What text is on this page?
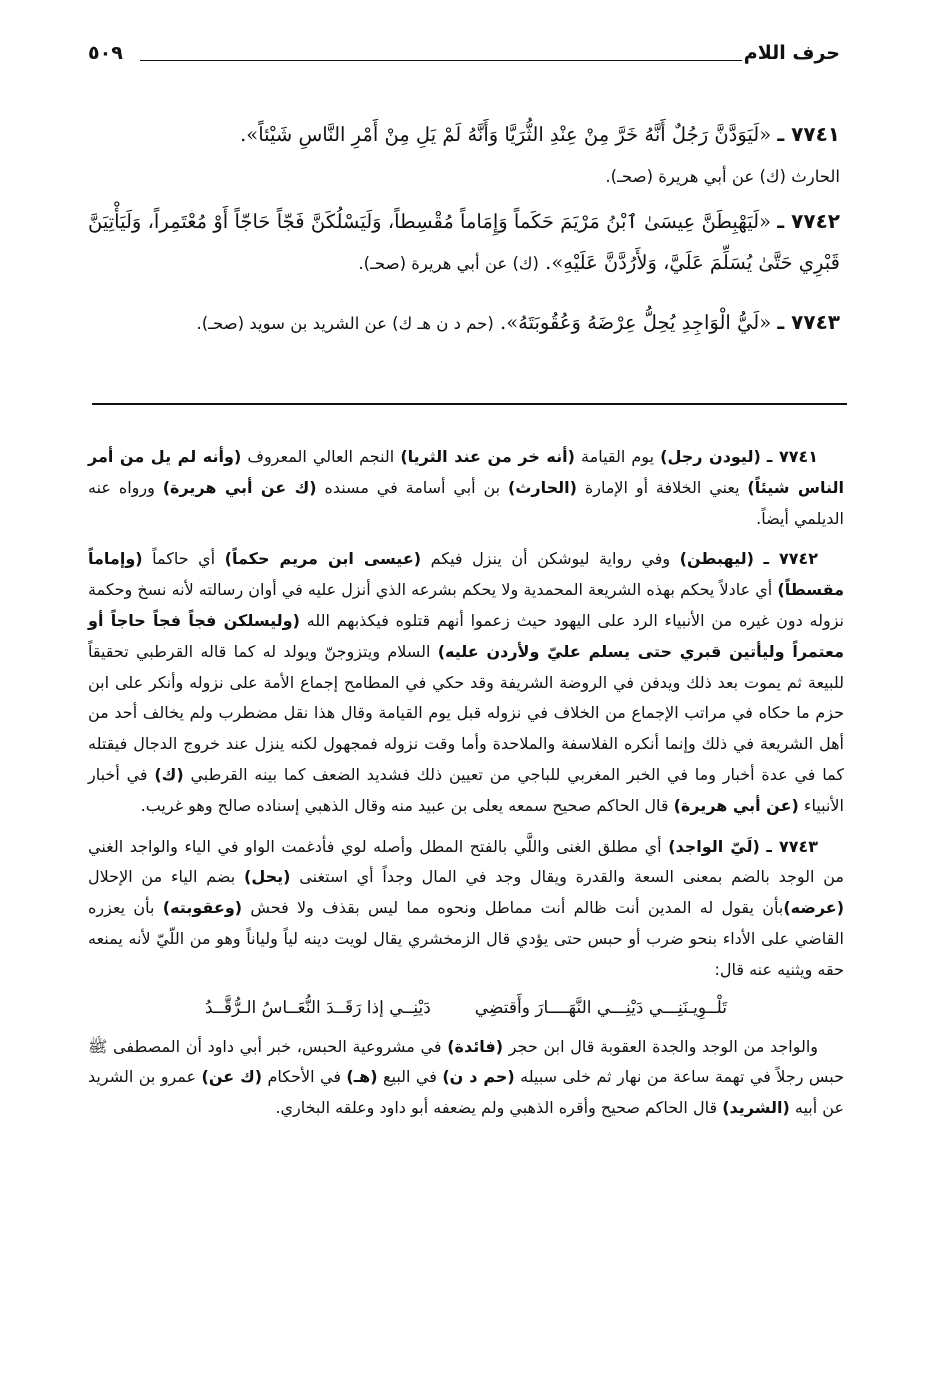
حرف اللام
٥٠٩
٧٧٤١ ـ «لَيَوَدَّنَّ رَجُلٌ أَنَّهُ خَرَّ مِنْ عِنْدِ الثُّرَيَّا وَأَنَّهُ لَمْ يَلِ مِنْ أَمْرِ النَّاسِ شَيْئاً».
الحارث (ك) عن أبي هريرة (صحـ).
٧٧٤٢ ـ «لَيَهْبِطَنَّ عِيسَىٰ ٱبْنُ مَرْيَمَ حَكَماً وَإِمَاماً مُقْسِطاً، وَلَيَسْلُكَنَّ فَجّاً حَاجّاً أَوْ مُعْتَمِراً، وَلَيَأْتِيَنَّ قَبْرِي حَتَّىٰ يُسَلِّمَ عَلَيَّ، وَلأَرُدَّنَّ عَلَيْهِ». (ك) عن أبي هريرة (صحـ).
٧٧٤٣ ـ «لَيُّ الْوَاجِدِ يُحِلُّ عِرْضَهُ وَعُقُوبَتَهُ». (حم د ن هـ ك) عن الشريد بن سويد (صحـ).

٧٧٤١ ـ (ليودن رجل) يوم القيامة (أنه خر من عند الثريا) النجم العالي المعروف (وأنه لم يل من أمر الناس شيئاً) يعني الخلافة أو الإمارة (الحارث) بن أبي أسامة في مسنده (ك عن أبي هريرة) ورواه عنه الديلمي أيضاً.

٧٧٤٢ ـ (ليهبطن) وفي رواية ليوشكن أن ينزل فيكم (عيسى ابن مريم حكماً) أي حاكماً (وإماماً مقسطاً) أي عادلاً يحكم بهذه الشريعة المحمدية ولا يحكم بشرعه الذي أنزل عليه في أوان رسالته لأنه نسخ وحكمة نزوله دون غيره من الأنبياء الرد على اليهود حيث زعموا أنهم قتلوه فيكذبهم الله (وليسلكن فجاً فجاً حاجاً أو معتمراً وليأتين قبري حتى يسلم عليّ ولأردن عليه) السلام ويتزوجنّ ويولد له كما قاله القرطبي تحقيقاً للبيعة ثم يموت بعد ذلك ويدفن في الروضة الشريفة وقد حكي في المطامح إجماع الأمة على نزوله وأنكر على ابن حزم ما حكاه في مراتب الإجماع من الخلاف في نزوله قبل يوم القيامة وقال هذا نقل مضطرب ولم يخالف أحد من أهل الشريعة في ذلك وإنما أنكره الفلاسفة والملاحدة وأما وقت نزوله فمجهول لكنه ينزل عند خروج الدجال فيقتله كما في عدة أخبار وما في الخبر المغربي للباجي من تعيين ذلك فشديد الضعف كما بينه القرطبي (ك) في أخبار الأنبياء (عن أبي هريرة) قال الحاكم صحيح سمعه يعلى بن عبيد منه وقال الذهبي إسناده صالح وهو غريب.

٧٧٤٣ ـ (لَيّ الواجد) أي مطلق الغنى واللَّي بالفتح المطل وأصله لوي فأدغمت الواو في الياء والواجد الغني من الوجد بالضم بمعنى السعة والقدرة ويقال وجد في المال وجداً أي استغنى (يحل) بضم الياء من الإحلال (عرضه)بأن يقول له المدين أنت ظالم أنت مماطل ونحوه مما ليس بقذف ولا فحش (وعقوبته) بأن يعزره القاضي على الأداء بنحو ضرب أو حبس حتى يؤدي قال الزمخشري يقال لويت دينه لياً ولياناً وهو من اللّيّ لأنه يمنعه حقه ويثنيه عنه قال:

تَلْــوِيـنَنِـــي دَيْنِـــي النَّهَــــارَ وأَقتضِيدَيْنِــي إذا رَقَــدَ النُّعَــاسُ الـرُّقَّــدُ

والواجد من الوجد والجدة العقوبة قال ابن حجر (فائدة) في مشروعية الحبس، خبر أبي داود أن المصطفى ﷺ حبس رجلاً في تهمة ساعة من نهار ثم خلى سبيله (حم د ن) في البيع (هـ) في الأحكام (ك عن) عمرو بن الشريد عن أبيه (الشريد) قال الحاكم صحيح وأقره الذهبي ولم يضعفه أبو داود وعلقه البخاري.
